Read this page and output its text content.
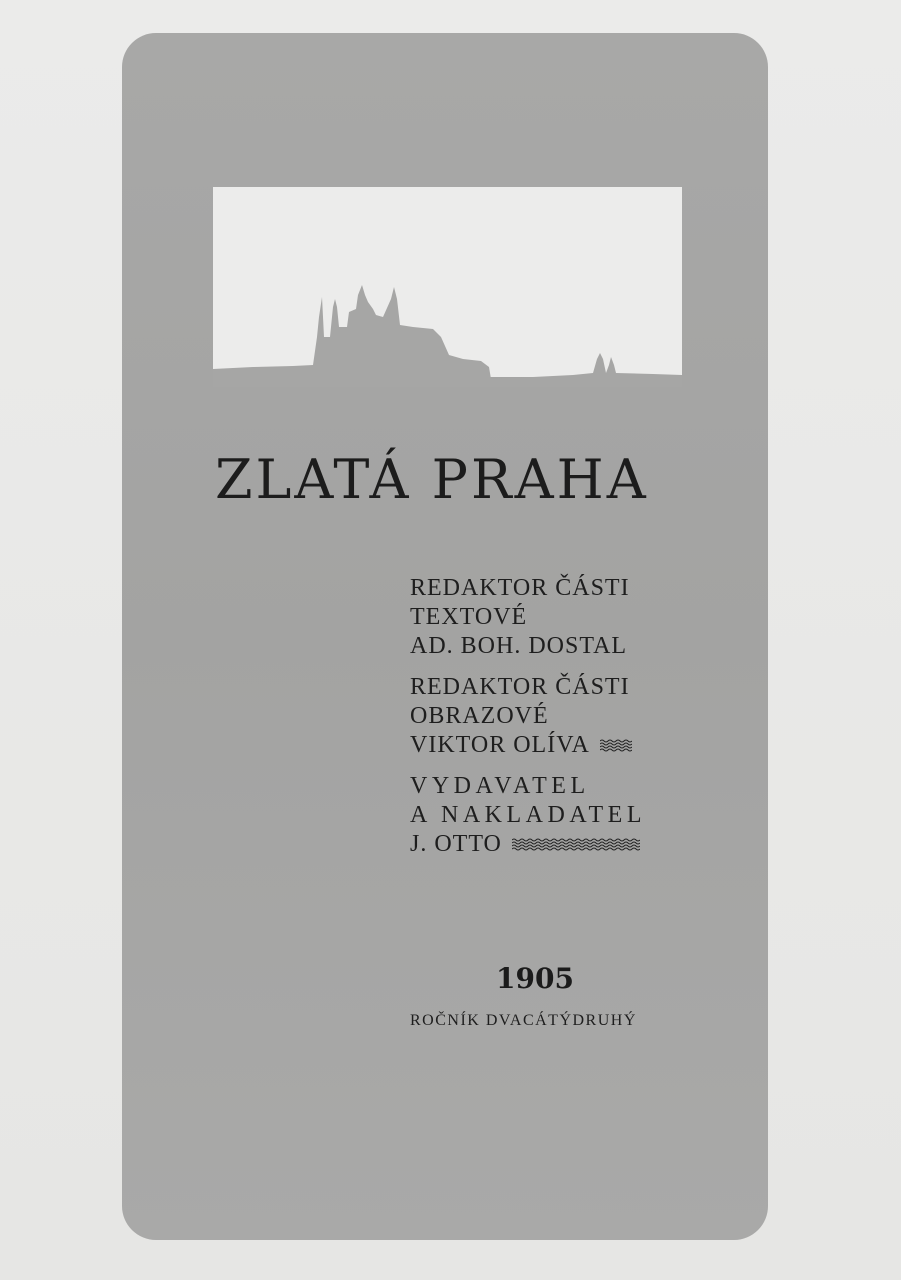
ZLATÁ PRAHA
REDAKTOR ČÁSTI
TEXTOVÉ
AD. BOH. DOSTAL
REDAKTOR ČÁSTI
OBRAZOVÉ
VIKTOR OLÍVA
VYDAVATEL
A NAKLADATEL
J. OTTO
1905
ROČNÍK DVACÁTÝDRUHÝ
